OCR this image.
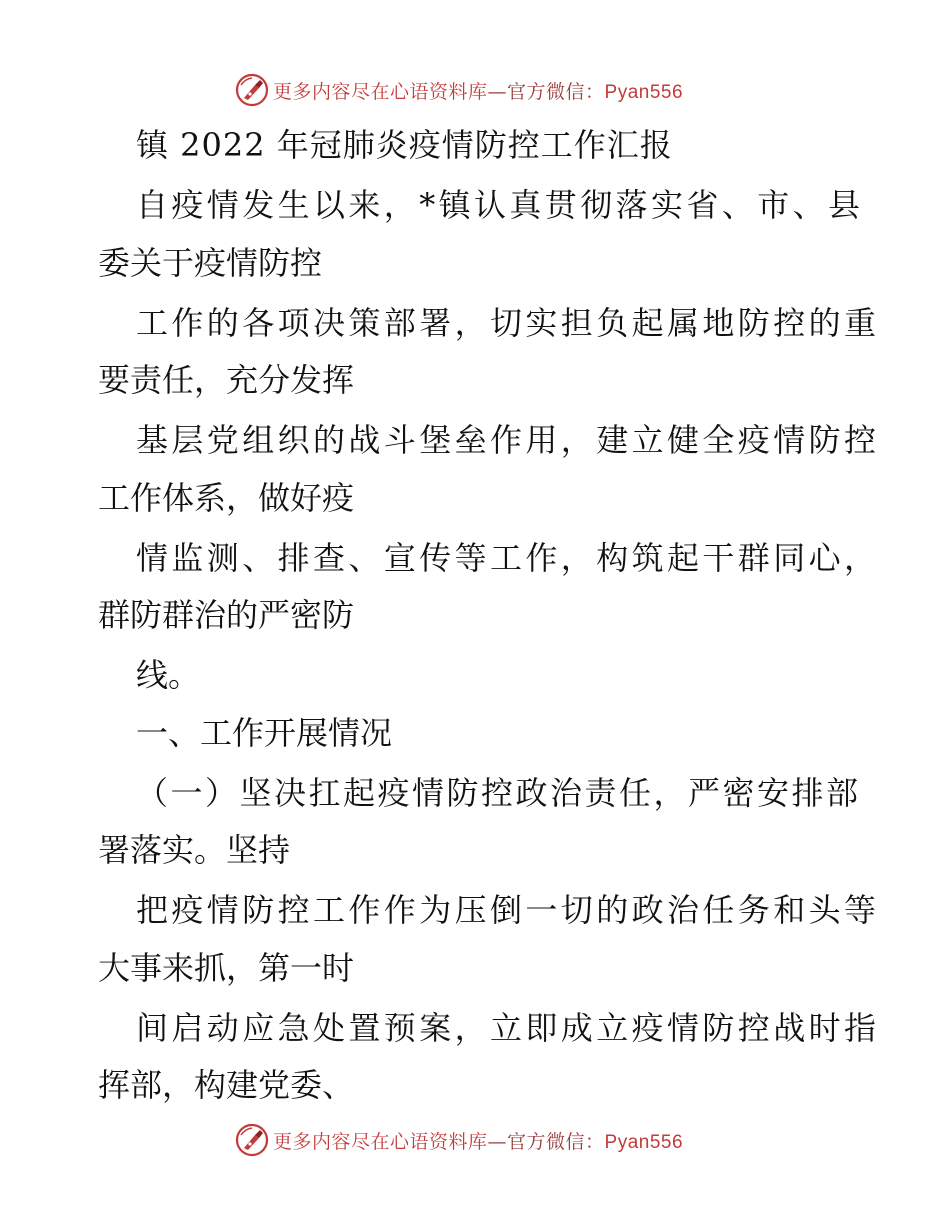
更多内容尽在心语资料库—官方微信：Pyan556
镇 2022 年冠肺炎疫情防控工作汇报
自疫情发生以来，*镇认真贯彻落实省、市、县
委关于疫情防控
工作的各项决策部署，切实担负起属地防控的重
要责任，充分发挥
基层党组织的战斗堡垒作用，建立健全疫情防控
工作体系，做好疫
情监测、排查、宣传等工作，构筑起干群同心，
群防群治的严密防
线。
一、工作开展情况
（一）坚决扛起疫情防控政治责任，严密安排部
署落实。坚持
把疫情防控工作作为压倒一切的政治任务和头等
大事来抓，第一时
间启动应急处置预案，立即成立疫情防控战时指
挥部，构建党委、
更多内容尽在心语资料库—官方微信：Pyan556
